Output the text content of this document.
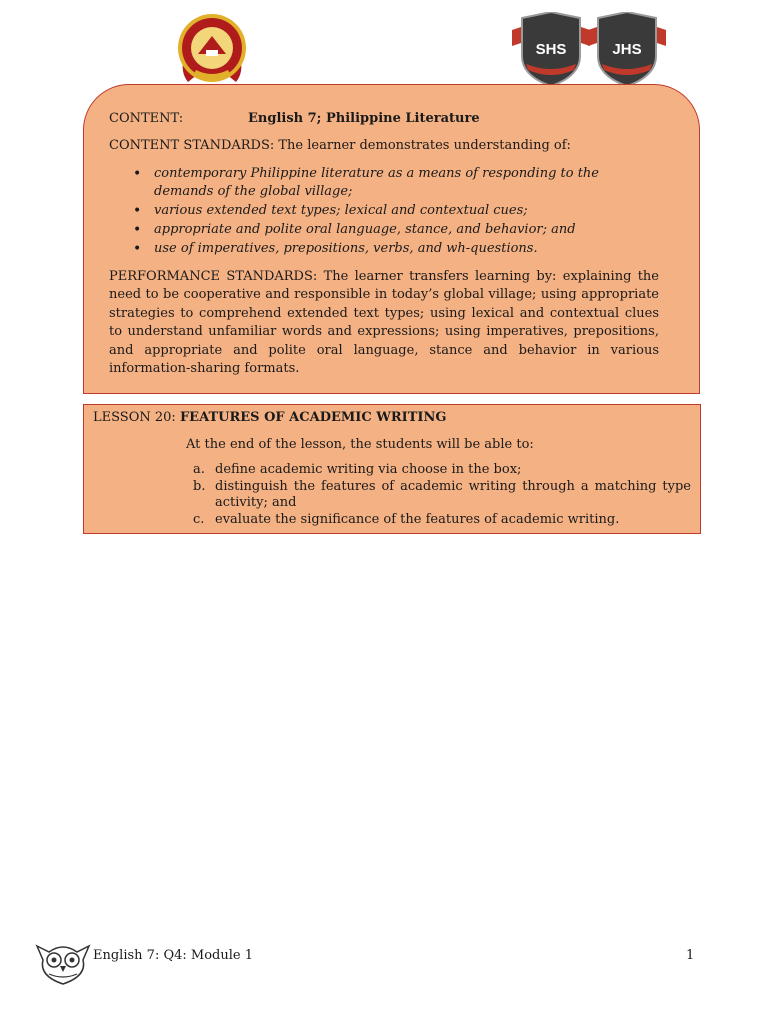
SHS	JHS
CONTENT:	English 7; Philippine Literature
CONTENT STANDARDS: The learner demonstrates understanding of:
• contemporary Philippine literature as a means of responding to the demands of the global village;
• various extended text types; lexical and contextual cues;
• appropriate and polite oral language, stance, and behavior; and
• use of imperatives, prepositions, verbs, and wh-questions.

PERFORMANCE STANDARDS: The learner transfers learning by: explaining the need to be cooperative and responsible in today’s global village; using appropriate strategies to comprehend extended text types; using lexical and contextual clues to understand unfamiliar words and expressions; using imperatives, prepositions, and appropriate and polite oral language, stance and behavior in various information-sharing formats.

LESSON 20: FEATURES OF ACADEMIC WRITING
At the end of the lesson, the students will be able to:
a. define academic writing via choose in the box;
b. distinguish the features of academic writing through a matching type activity; and
c. evaluate the significance of the features of academic writing.
English 7: Q4: Module 1	1
